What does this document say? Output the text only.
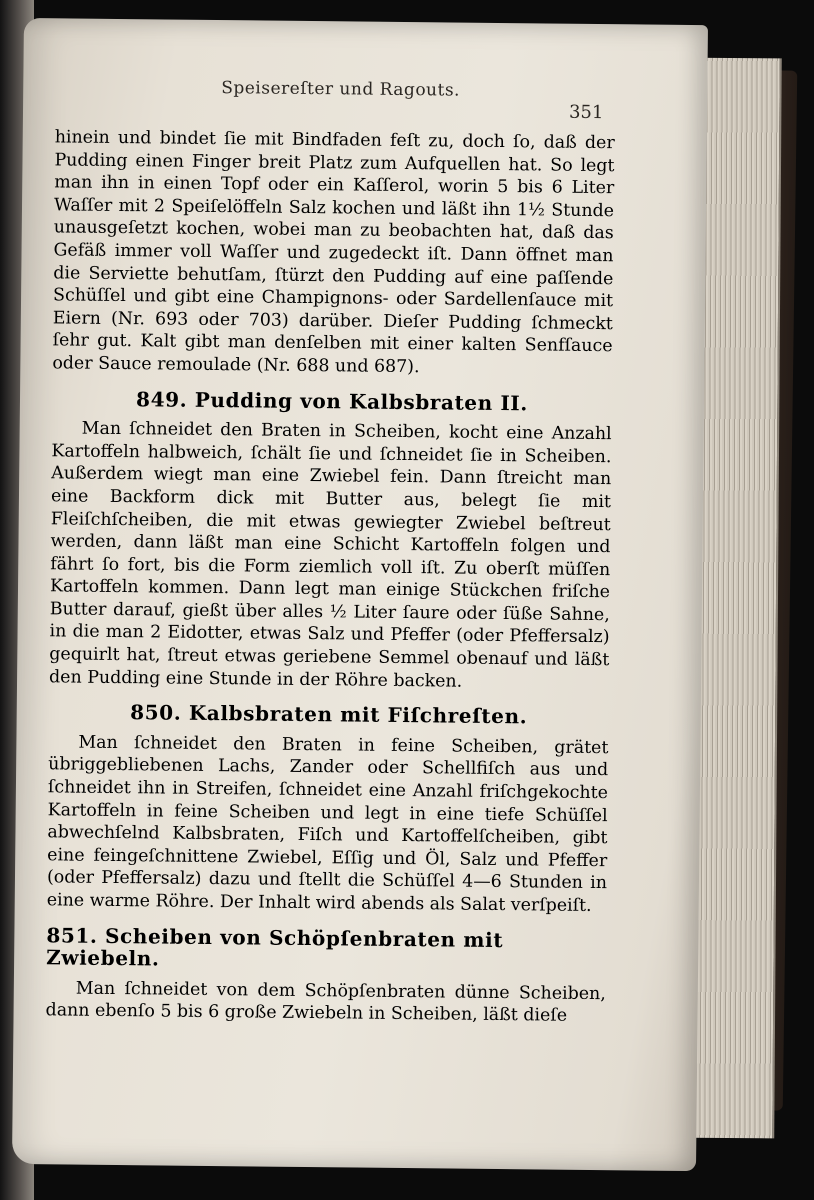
Speisereſter und Ragouts.
351

hinein und bindet ſie mit Bindfaden feſt zu, doch ſo, daß der Pudding einen Finger breit Platz zum Aufquellen hat. So legt man ihn in einen Topf oder ein Kaſſerol, worin 5 bis 6 Liter Waſſer mit 2 Speiſelöffeln Salz kochen und läßt ihn 1½ Stunde unausgeſetzt kochen, wobei man zu beobachten hat, daß das Gefäß immer voll Waſſer und zugedeckt iſt. Dann öffnet man die Serviette behutſam, ſtürzt den Pudding auf eine paſſende Schüſſel und gibt eine Champignons- oder Sardellenſauce mit Eiern (Nr. 693 oder 703) darüber. Dieſer Pudding ſchmeckt ſehr gut. Kalt gibt man denſelben mit einer kalten Senfſauce oder Sauce remoulade (Nr. 688 und 687).

849. Pudding von Kalbsbraten II.

Man ſchneidet den Braten in Scheiben, kocht eine Anzahl Kartoffeln halbweich, ſchält ſie und ſchneidet ſie in Scheiben. Außerdem wiegt man eine Zwiebel fein. Dann ſtreicht man eine Backform dick mit Butter aus, belegt ſie mit Fleiſchſcheiben, die mit etwas gewiegter Zwiebel beſtreut werden, dann läßt man eine Schicht Kartoffeln folgen und fährt ſo fort, bis die Form ziemlich voll iſt. Zu oberſt müſſen Kartoffeln kommen. Dann legt man einige Stückchen friſche Butter darauf, gießt über alles ½ Liter ſaure oder ſüße Sahne, in die man 2 Eidotter, etwas Salz und Pfeffer (oder Pfeffersalz) gequirlt hat, ſtreut etwas geriebene Semmel obenauf und läßt den Pudding eine Stunde in der Röhre backen.

850. Kalbsbraten mit Fiſchreſten.

Man ſchneidet den Braten in feine Scheiben, grätet übriggebliebenen Lachs, Zander oder Schellfiſch aus und ſchneidet ihn in Streifen, ſchneidet eine Anzahl friſchgekochte Kartoffeln in feine Scheiben und legt in eine tiefe Schüſſel abwechſelnd Kalbsbraten, Fiſch und Kartoffelſcheiben, gibt eine feingeſchnittene Zwiebel, Eſſig und Öl, Salz und Pfeffer (oder Pfeffersalz) dazu und ſtellt die Schüſſel 4—6 Stunden in eine warme Röhre. Der Inhalt wird abends als Salat verſpeiſt.

851. Scheiben von Schöpſenbraten mit Zwiebeln.

Man ſchneidet von dem Schöpſenbraten dünne Scheiben, dann ebenſo 5 bis 6 große Zwiebeln in Scheiben, läßt dieſe
